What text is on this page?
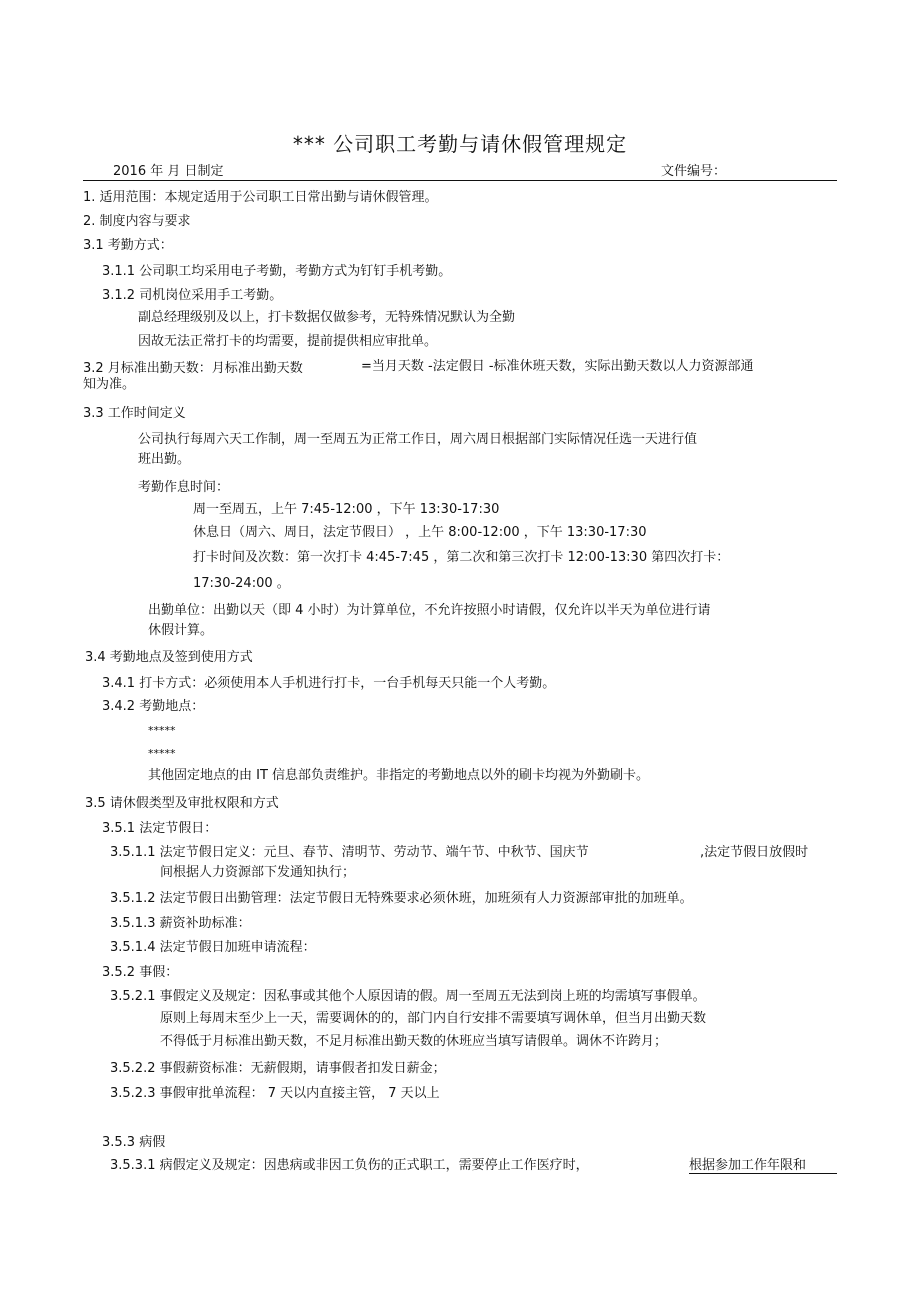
*** 公司职工考勤与请休假管理规定
2016 年 月 日制定	文件编号：
1. 适用范围：本规定适用于公司职工日常出勤与请休假管理。
2. 制度内容与要求
3.1 考勤方式：
3.1.1 公司职工均采用电子考勤，考勤方式为钉钉手机考勤。
3.1.2 司机岗位采用手工考勤。
副总经理级别及以上，打卡数据仅做参考，无特殊情况默认为全勤
因故无法正常打卡的均需要，提前提供相应审批单。
3.2 月标准出勤天数：月标准出勤天数	=当月天数 -法定假日 -标准休班天数，实际出勤天数以人力资源部通
知为准。
3.3 工作时间定义
公司执行每周六天工作制，周一至周五为正常工作日，周六周日根据部门实际情况任选一天进行值
班出勤。
考勤作息时间：
周一至周五，上午 7:45-12:00 ，下午 13:30-17:30
休息日（周六、周日，法定节假日） ，上午 8:00-12:00 ，下午 13:30-17:30
打卡时间及次数：第一次打卡 4:45-7:45 ，第二次和第三次打卡 12:00-13:30 第四次打卡：
17:30-24:00 。
出勤单位：出勤以天（即 4 小时）为计算单位，不允许按照小时请假，仅允许以半天为单位进行请
休假计算。
3.4 考勤地点及签到使用方式
3.4.1 打卡方式：必须使用本人手机进行打卡，一台手机每天只能一个人考勤。
3.4.2 考勤地点：
*****
*****
其他固定地点的由 IT 信息部负责维护。非指定的考勤地点以外的刷卡均视为外勤刷卡。
3.5 请休假类型及审批权限和方式
3.5.1 法定节假日：
3.5.1.1 法定节假日定义：元旦、春节、清明节、劳动节、端午节、中秋节、国庆节	,法定节假日放假时
间根据人力资源部下发通知执行；
3.5.1.2 法定节假日出勤管理：法定节假日无特殊要求必须休班，加班须有人力资源部审批的加班单。
3.5.1.3 薪资补助标准：
3.5.1.4 法定节假日加班申请流程：
3.5.2 事假：
3.5.2.1 事假定义及规定：因私事或其他个人原因请的假。周一至周五无法到岗上班的均需填写事假单。
原则上每周末至少上一天，需要调休的的，部门内自行安排不需要填写调休单，但当月出勤天数
不得低于月标准出勤天数，不足月标准出勤天数的休班应当填写请假单。调休不许跨月；
3.5.2.2 事假薪资标准：无薪假期，请事假者扣发日薪金；
3.5.2.3 事假审批单流程： 7 天以内直接主管， 7 天以上
3.5.3 病假
3.5.3.1 病假定义及规定：因患病或非因工负伤的正式职工，需要停止工作医疗时，	根据参加工作年限和
